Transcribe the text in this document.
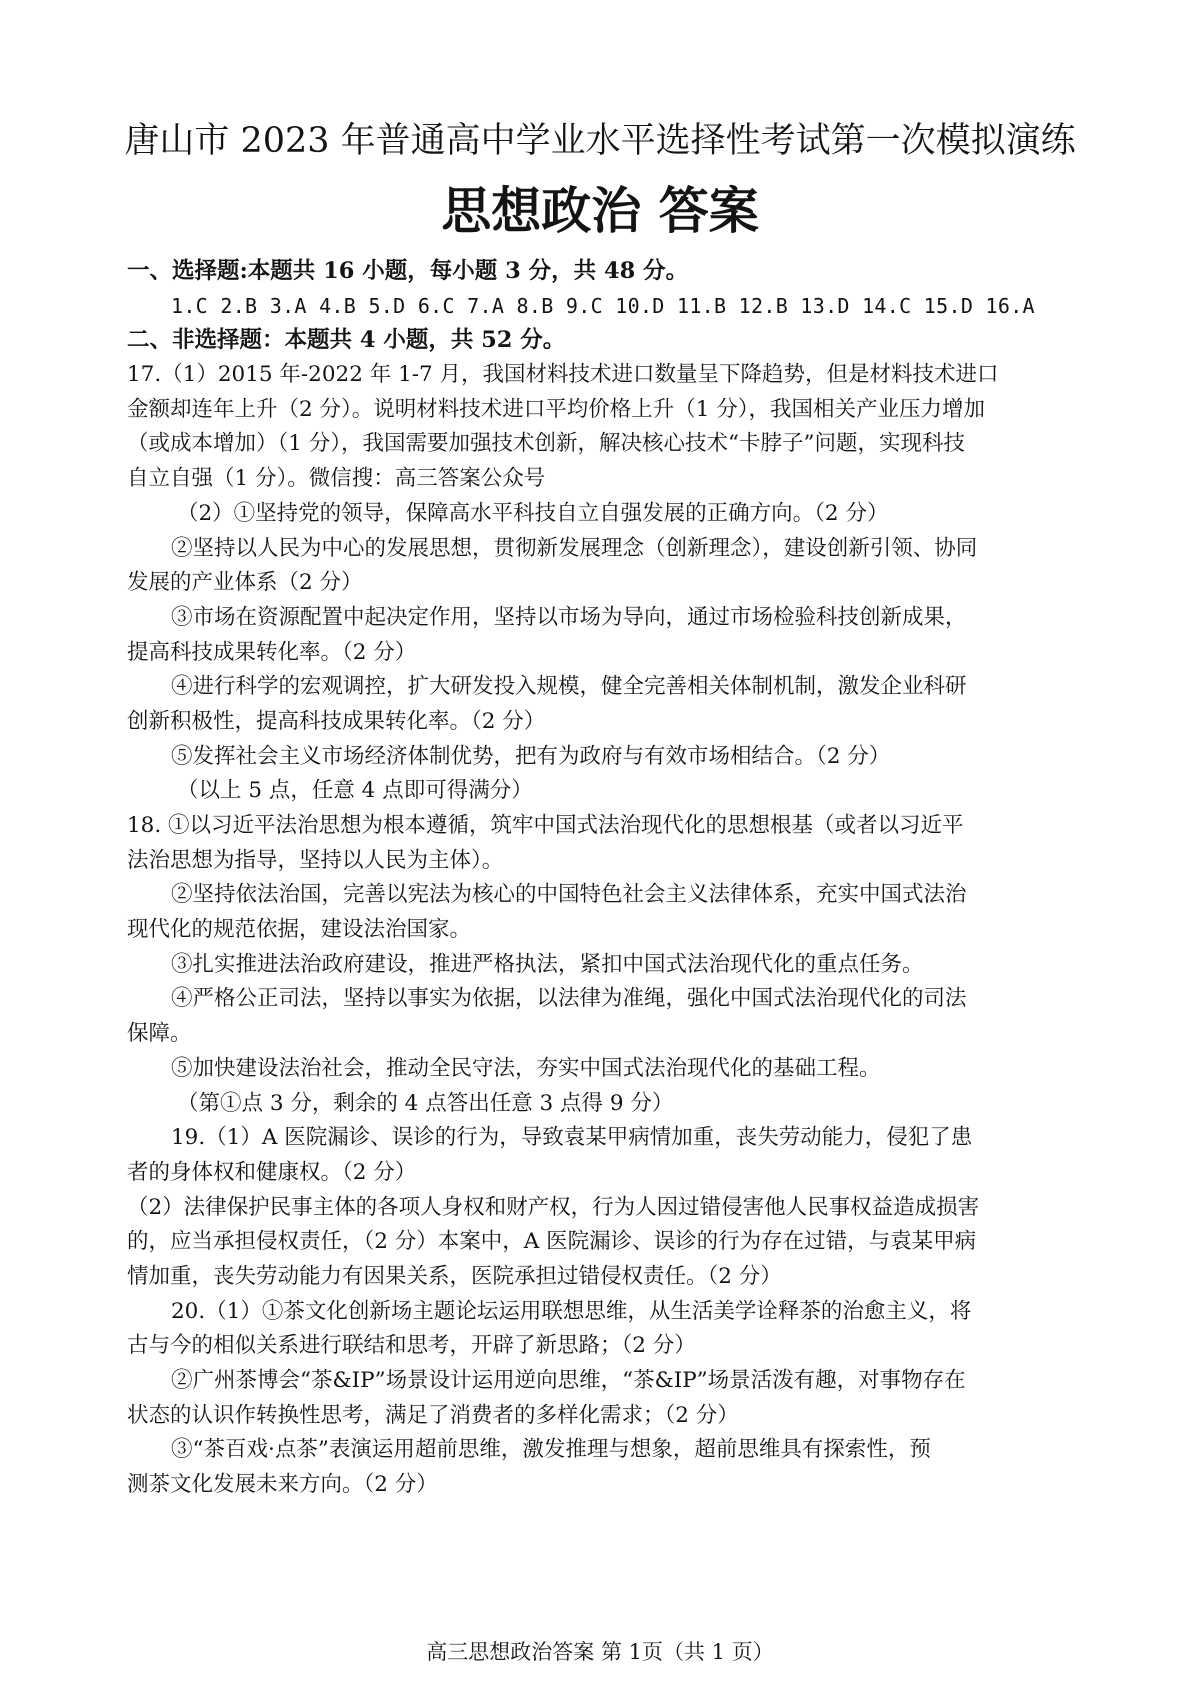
唐山市 2023 年普通高中学业水平选择性考试第一次模拟演练
思想政治 答案
一、选择题:本题共 16 小题，每小题 3 分，共 48 分。
1.C 2.B 3.A 4.B 5.D 6.C 7.A 8.B 9.C 10.D 11.B 12.B 13.D 14.C 15.D 16.A
二、非选择题：本题共 4 小题，共 52 分。
17.（1）2015 年-2022 年 1-7 月，我国材料技术进口数量呈下降趋势，但是材料技术进口
金额却连年上升（2 分）。说明材料技术进口平均价格上升（1 分），我国相关产业压力增加
（或成本增加）（1 分），我国需要加强技术创新，解决核心技术“卡脖子”问题，实现科技
自立自强（1 分）。微信搜：高三答案公众号
（2）①坚持党的领导，保障高水平科技自立自强发展的正确方向。（2 分）
②坚持以人民为中心的发展思想，贯彻新发展理念（创新理念），建设创新引领、协同
发展的产业体系（2 分）
③市场在资源配置中起决定作用，坚持以市场为导向，通过市场检验科技创新成果，
提高科技成果转化率。（2 分）
④进行科学的宏观调控，扩大研发投入规模，健全完善相关体制机制，激发企业科研
创新积极性，提高科技成果转化率。（2 分）
⑤发挥社会主义市场经济体制优势，把有为政府与有效市场相结合。（2 分）
（以上 5 点，任意 4 点即可得满分）
18. ①以习近平法治思想为根本遵循，筑牢中国式法治现代化的思想根基（或者以习近平
法治思想为指导，坚持以人民为主体）。
②坚持依法治国，完善以宪法为核心的中国特色社会主义法律体系，充实中国式法治
现代化的规范依据，建设法治国家。
③扎实推进法治政府建设，推进严格执法，紧扣中国式法治现代化的重点任务。
④严格公正司法，坚持以事实为依据，以法律为准绳，强化中国式法治现代化的司法
保障。
⑤加快建设法治社会，推动全民守法，夯实中国式法治现代化的基础工程。
（第①点 3 分，剩余的 4 点答出任意 3 点得 9 分）
19.（1）A 医院漏诊、误诊的行为，导致袁某甲病情加重，丧失劳动能力，侵犯了患
者的身体权和健康权。（2 分）
（2）法律保护民事主体的各项人身权和财产权，行为人因过错侵害他人民事权益造成损害
的，应当承担侵权责任，（2 分）本案中，A 医院漏诊、误诊的行为存在过错，与袁某甲病
情加重，丧失劳动能力有因果关系，医院承担过错侵权责任。（2 分）
20.（1）①茶文化创新场主题论坛运用联想思维，从生活美学诠释茶的治愈主义，将
古与今的相似关系进行联结和思考，开辟了新思路；（2 分）
②广州茶博会“茶&IP”场景设计运用逆向思维，“茶&IP”场景活泼有趣，对事物存在
状态的认识作转换性思考，满足了消费者的多样化需求；（2 分）
③“茶百戏·点茶”表演运用超前思维，激发推理与想象，超前思维具有探索性，预
测茶文化发展未来方向。（2 分）
高三思想政治答案 第 1页（共 1 页）
